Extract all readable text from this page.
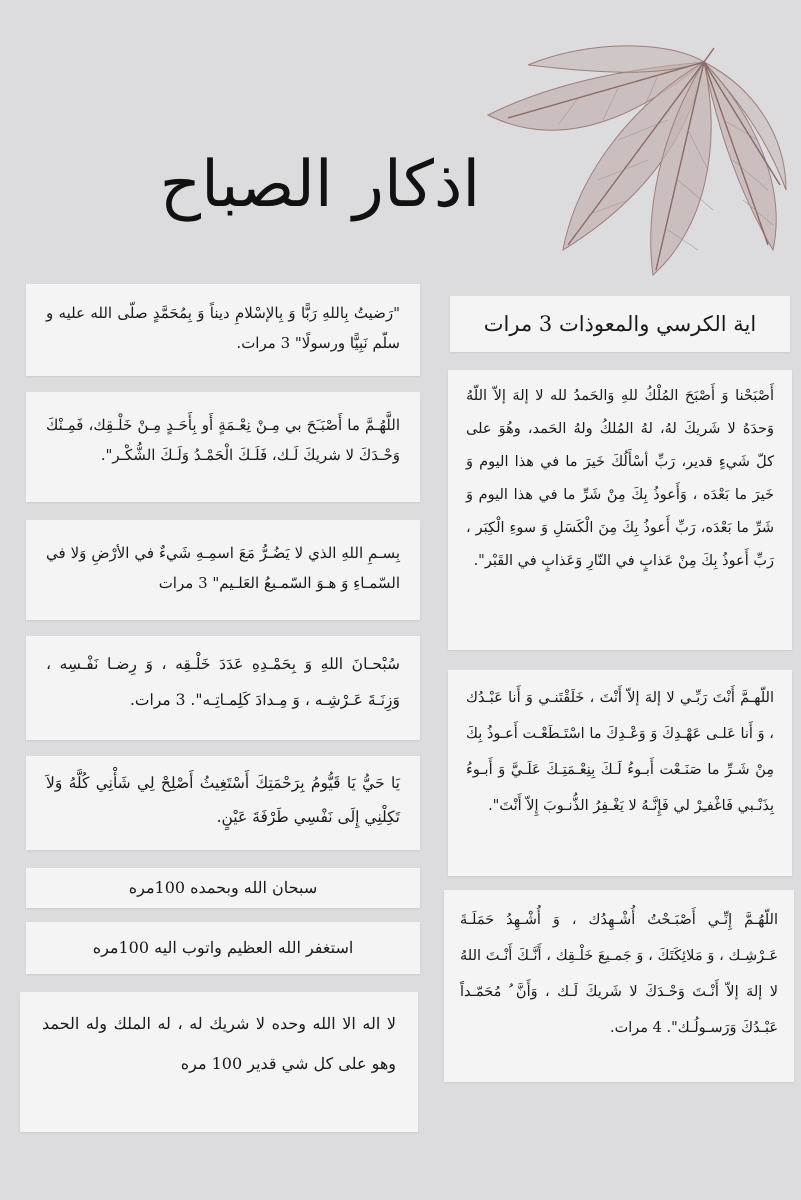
اذكار الصباح

"رَضيتُ بِاللهِ رَبًّا وَ بِالإسْلامِ ديناً وَ بِمُحَمَّدٍ صلّى الله عليه و سلّم نَبِيًّا ورسولًا" 3 مرات.

اللَّهُـمَّ ما أَصْبَـَحَ بي مِـنْ نِعْـمَةٍ أَو بِأَحَـدٍ مِـنْ خَلْـقِك، فَمِـنْكَ وَحْـدَكَ لا شريكَ لَـك، فَلَـكَ الْحَمْـدُ وَلَـكَ الشُّكْـر".

بِسـمِ اللهِ الذي لا يَضُـرُّ مَعَ اسمِـهِ شَيءٌ في الأرْضِ وَلا في السّمـاءِ وَ هـوَ السّمـيعُ العَلـيم" 3 مرات

سُبْحـانَ اللهِ وَ بِحَمْـدِهِ عَدَدَ خَلْـقِه ، وَ رِضـا نَفْـسِه ، وَزِنَـةَ عَـرْشِـه ، وَ مِـدادَ كَلِمـاتِـه". 3 مرات.

يَا حَيُّ يَا قَيُّومُ بِرَحْمَتِكَ أَسْتَغِيثُ أَصْلِحْ لِي شَأْنِي كُلَّهُ وَلاَ تَكِلْنِي إِلَى نَفْسِي طَرْفَةَ عَيْنٍ.

سبحان الله وبحمده 100مره

استغفر الله العظيم واتوب اليه 100مره

لا اله الا الله وحده لا شريك له ، له الملك وله الحمد وهو على كل شي قدير 100 مره

اية الكرسي والمعوذات 3 مرات

أَصْبَحْنا وَ أَصْبَحَ المُلْكُ للهِ وَالحَمدُ لله لا إلهَ إلاّ اللّهُ وَحدَهُ لا شَريكَ لهُ، لهُ المُلكُ ولهُ الحَمد، وهُوَ على كلّ شَيءٍ قدير، رَبِّ أسْأَلُكَ خَيرَ ما في هذا اليوم وَ خَيرَ ما بَعْدَه ، وَأَعوذُ بِكَ مِنْ شَرِّ ما في هذا اليوم وَ شَرِّ ما بَعْدَه، رَبِّ أَعوذُ بِكَ مِنَ الْكَسَلِ وَ سوءِ الْكِبَر ، رَبِّ أَعوذُ بِكَ مِنْ عَذابٍ في النّارِ وَعَذابٍ في القَبْر".

اللّهـمَّ أَنْتَ رَبِّـي لا إلهَ إلاّ أَنْتَ ، خَلَقْتَنـي وَ أَنا عَبْـدُك ، وَ أَنا عَلـى عَهْـدِكَ وَ وَعْـدِكَ ما اسْتَـطَعْـت أَعـوذُ بِكَ مِنْ شَـرِّ ما صَنَـعْت أَبـوءُ لَـكَ بِنِعْـمَتِـكَ عَلَـيَّ وَ أَبـوءُ بِذَنْـبي فَاغْفـِرْ لي فَإِنَّـهُ لا يَغْـفِرُ الذُّنـوبَ إِلاّ أَنْتَ".

اللّهُـمَّ إِنِّـي أَصْبَـحْتُ أُشْـهِدُك ، وَ أُشْـهِدُ حَمَلَـةَ عَـرْشِـك ، وَ مَلائِكَتَكَ ، وَ جَمـيعَ خَلْـقِك ، أَنَّـكَ أَنْـتَ اللهُ لا إلهَ إلاّ أَنْـتَ وَحْـدَكَ لا شَريكَ لَـك ، وَأَنَّ ُ مُحَمّـداً عَبْـدُكَ وَرَسـولُـك". 4 مرات.
